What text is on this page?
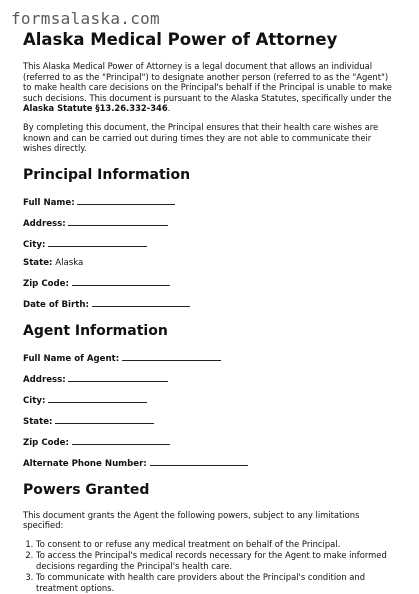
formsalaska.com
Alaska Medical Power of Attorney

This Alaska Medical Power of Attorney is a legal document that allows an individual (referred to as the "Principal") to designate another person (referred to as the "Agent") to make health care decisions on the Principal's behalf if the Principal is unable to make such decisions. This document is pursuant to the Alaska Statutes, specifically under the Alaska Statute §13.26.332-346.

By completing this document, the Principal ensures that their health care wishes are known and can be carried out during times they are not able to communicate their wishes directly.

Principal Information
Full Name:
Address:
City:
State: Alaska
Zip Code:
Date of Birth:
Agent Information
Full Name of Agent:
Address:
City:
State:
Zip Code:
Alternate Phone Number:
Powers Granted

This document grants the Agent the following powers, subject to any limitations specified:

1. To consent to or refuse any medical treatment on behalf of the Principal.
2. To access the Principal's medical records necessary for the Agent to make informed decisions regarding the Principal's health care.
3. To communicate with health care providers about the Principal's condition and treatment options.
